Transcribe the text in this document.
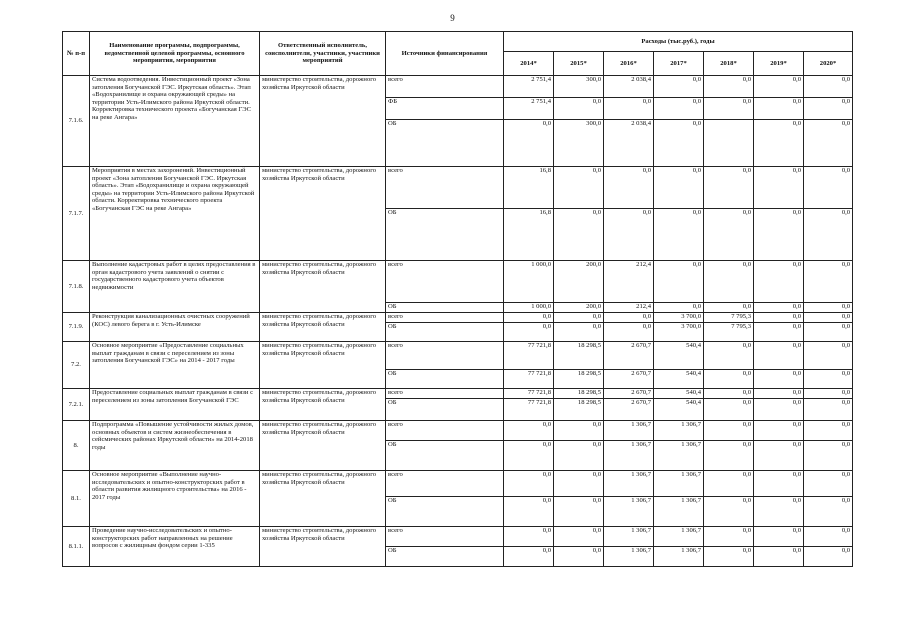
9
№ п-п	Наименование программы, подпрограммы, ведомственной целевой программы, основного мероприятия, мероприятия	Ответственный исполнитель, соисполнители, участники, участники мероприятий	Источники финансирования	Расходы (тыс.руб.), годы						
				2014*	2015*	2016*	2017*	2018*	2019*	2020*
7.1.6.	Система водоотведения. Инвестиционный проект «Зона затопления Богучанской ГЭС. Иркутская область». Этап «Водохранилище и охрана окружающей среды» на территории Усть-Илимского района Иркутской области. Корректировка технического проекта «Богучанская ГЭС на реке Ангара»	министерство строительства, дорожного хозяйства Иркутской области	всего	2 751,4	300,0	2 038,4	0,0	0,0	0,0	0,0
			ФБ	2 751,4	0,0	0,0	0,0	0,0	0,0	0,0
			ОБ	0,0	300,0	2 038,4	0,0		0,0	0,0
7.1.7.	Мероприятия в местах захоронений. Инвестиционный проект «Зона затопления Богучанской ГЭС. Иркутская область». Этап «Водохранилище и охрана окружающей среды» на территории Усть-Илимского района Иркутской области. Корректировка технического проекта «Богучанская ГЭС на реке Ангара»	министерство строительства, дорожного хозяйства Иркутской области	всего	16,8	0,0	0,0	0,0	0,0	0,0	0,0
			ОБ	16,8	0,0	0,0	0,0	0,0	0,0	0,0
7.1.8.	Выполнение кадастровых работ в целях предоставления в орган кадастрового учета заявлений о снятии с государственного кадастрового учета объектов недвижимости	министерство строительства, дорожного хозяйства Иркутской области	всего	1 000,0	200,0	212,4	0,0	0,0	0,0	0,0
			ОБ	1 000,0	200,0	212,4	0,0	0,0	0,0	0,0
7.1.9.	Реконструкция канализационных очистных сооружений (КОС) левого берега в г. Усть-Илимске	министерство строительства, дорожного хозяйства Иркутской области	всего	0,0	0,0	0,0	3 700,0	7 795,3	0,0	0,0
			ОБ	0,0	0,0	0,0	3 700,0	7 795,3	0,0	0,0
7.2.	Основное мероприятие «Предоставление социальных выплат гражданам в связи с переселением из зоны затопления Богучанской ГЭС» на 2014 - 2017 годы	министерство строительства, дорожного хозяйства Иркутской области	всего	77 721,8	18 298,5	2 670,7	540,4	0,0	0,0	0,0
			ОБ	77 721,8	18 298,5	2 670,7	540,4	0,0	0,0	0,0
7.2.1.	Предоставление социальных выплат гражданам в связи с переселением из зоны затопления Богучанской ГЭС	министерство строительства, дорожного хозяйства Иркутской области	всего	77 721,8	18 298,5	2 670,7	540,4	0,0	0,0	0,0
			ОБ	77 721,8	18 298,5	2 670,7	540,4	0,0	0,0	0,0
8.	Подпрограмма «Повышение устойчивости жилых домов, основных объектов и систем жизнеобеспечения в сейсмических районах Иркутской области» на 2014-2018 годы	министерство строительства, дорожного хозяйства Иркутской области	всего	0,0	0,0	1 306,7	1 306,7	0,0	0,0	0,0
			ОБ	0,0	0,0	1 306,7	1 306,7	0,0	0,0	0,0
8.1.	Основное мероприятие «Выполнение научно-исследовательских и опытно-конструкторских работ в области развития жилищного строительства» на 2016 - 2017 годы	министерство строительства, дорожного хозяйства Иркутской области	всего	0,0	0,0	1 306,7	1 306,7	0,0	0,0	0,0
			ОБ	0,0	0,0	1 306,7	1 306,7	0,0	0,0	0,0
8.1.1.	Проведение научно-исследовательских и опытно-конструкторских работ направленных на решение вопросов с жилищным фондом серии 1-335	министерство строительства, дорожного хозяйства Иркутской области	всего	0,0	0,0	1 306,7	1 306,7	0,0	0,0	0,0
			ОБ	0,0	0,0	1 306,7	1 306,7	0,0	0,0	0,0
